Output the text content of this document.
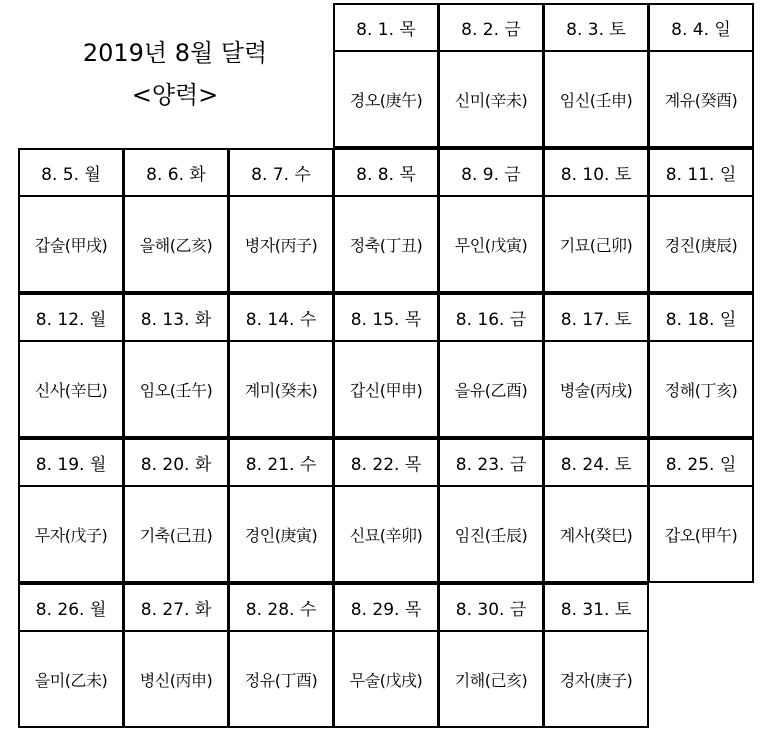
2019년 8월 달력
<양력>
8. 1. 목
경오(庚午)
8. 2. 금
신미(辛未)
8. 3. 토
임신(壬申)
8. 4. 일
계유(癸酉)
8. 5. 월
갑술(甲戌)
8. 6. 화
을해(乙亥)
8. 7. 수
병자(丙子)
8. 8. 목
정축(丁丑)
8. 9. 금
무인(戊寅)
8. 10. 토
기묘(己卯)
8. 11. 일
경진(庚辰)
8. 12. 월
신사(辛巳)
8. 13. 화
임오(壬午)
8. 14. 수
계미(癸未)
8. 15. 목
갑신(甲申)
8. 16. 금
을유(乙酉)
8. 17. 토
병술(丙戌)
8. 18. 일
정해(丁亥)
8. 19. 월
무자(戊子)
8. 20. 화
기축(己丑)
8. 21. 수
경인(庚寅)
8. 22. 목
신묘(辛卯)
8. 23. 금
임진(壬辰)
8. 24. 토
계사(癸巳)
8. 25. 일
갑오(甲午)
8. 26. 월
을미(乙未)
8. 27. 화
병신(丙申)
8. 28. 수
정유(丁酉)
8. 29. 목
무술(戊戌)
8. 30. 금
기해(己亥)
8. 31. 토
경자(庚子)
